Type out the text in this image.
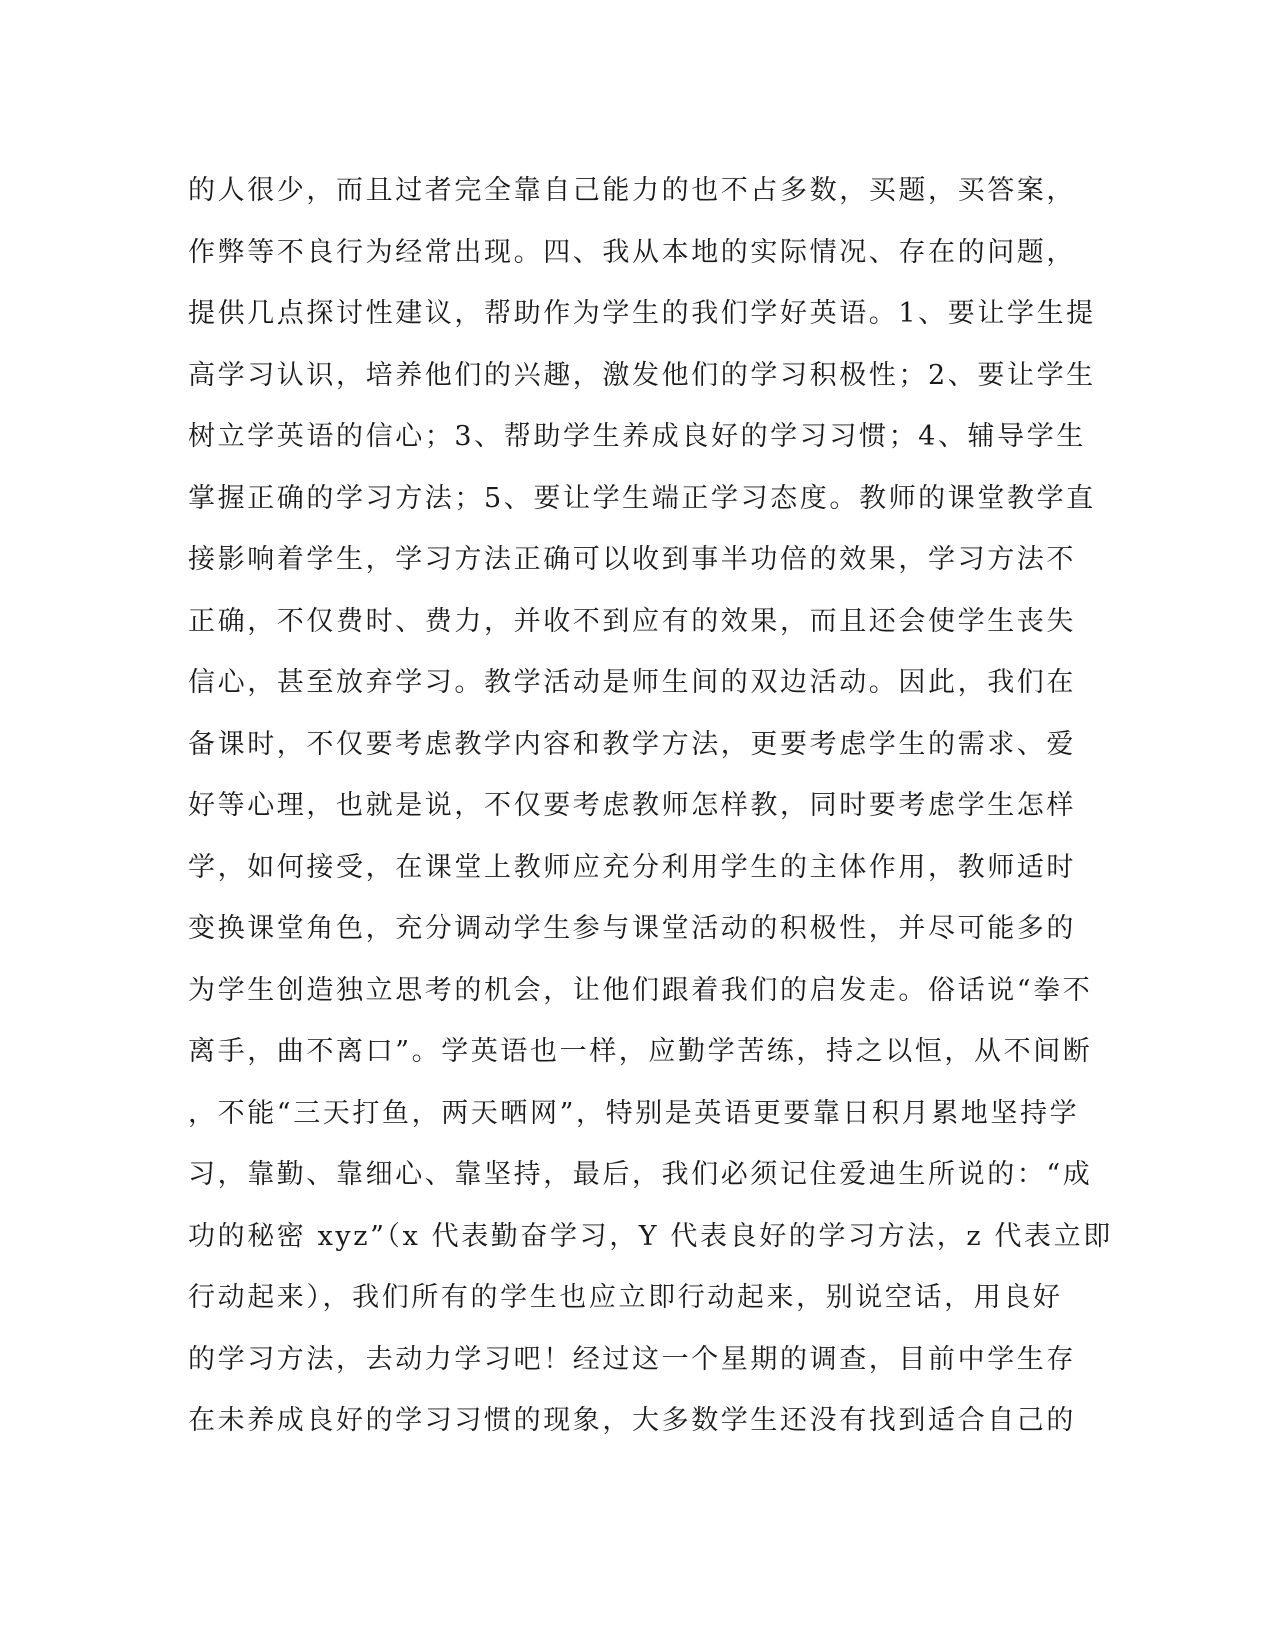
的人很少，而且过者完全靠自己能力的也不占多数，买题，买答案，
作弊等不良行为经常出现。四、我从本地的实际情况、存在的问题，
提供几点探讨性建议，帮助作为学生的我们学好英语。1、要让学生提
高学习认识，培养他们的兴趣，激发他们的学习积极性；2、要让学生
树立学英语的信心；3、帮助学生养成良好的学习习惯；4、辅导学生
掌握正确的学习方法；5、要让学生端正学习态度。教师的课堂教学直
接影响着学生，学习方法正确可以收到事半功倍的效果，学习方法不
正确，不仅费时、费力，并收不到应有的效果，而且还会使学生丧失
信心，甚至放弃学习。教学活动是师生间的双边活动。因此，我们在
备课时，不仅要考虑教学内容和教学方法，更要考虑学生的需求、爱
好等心理，也就是说，不仅要考虑教师怎样教，同时要考虑学生怎样
学，如何接受，在课堂上教师应充分利用学生的主体作用，教师适时
变换课堂角色，充分调动学生参与课堂活动的积极性，并尽可能多的
为学生创造独立思考的机会，让他们跟着我们的启发走。俗话说“拳不
离手，曲不离口”。学英语也一样，应勤学苦练，持之以恒，从不间断
，不能“三天打鱼，两天晒网”，特别是英语更要靠日积月累地坚持学
习，靠勤、靠细心、靠坚持，最后，我们必须记住爱迪生所说的：“成
功的秘密 xyz”（x 代表勤奋学习，Y 代表良好的学习方法，z 代表立即
行动起来），我们所有的学生也应立即行动起来，别说空话，用良好
的学习方法，去动力学习吧！经过这一个星期的调查，目前中学生存
在未养成良好的学习习惯的现象，大多数学生还没有找到适合自己的
